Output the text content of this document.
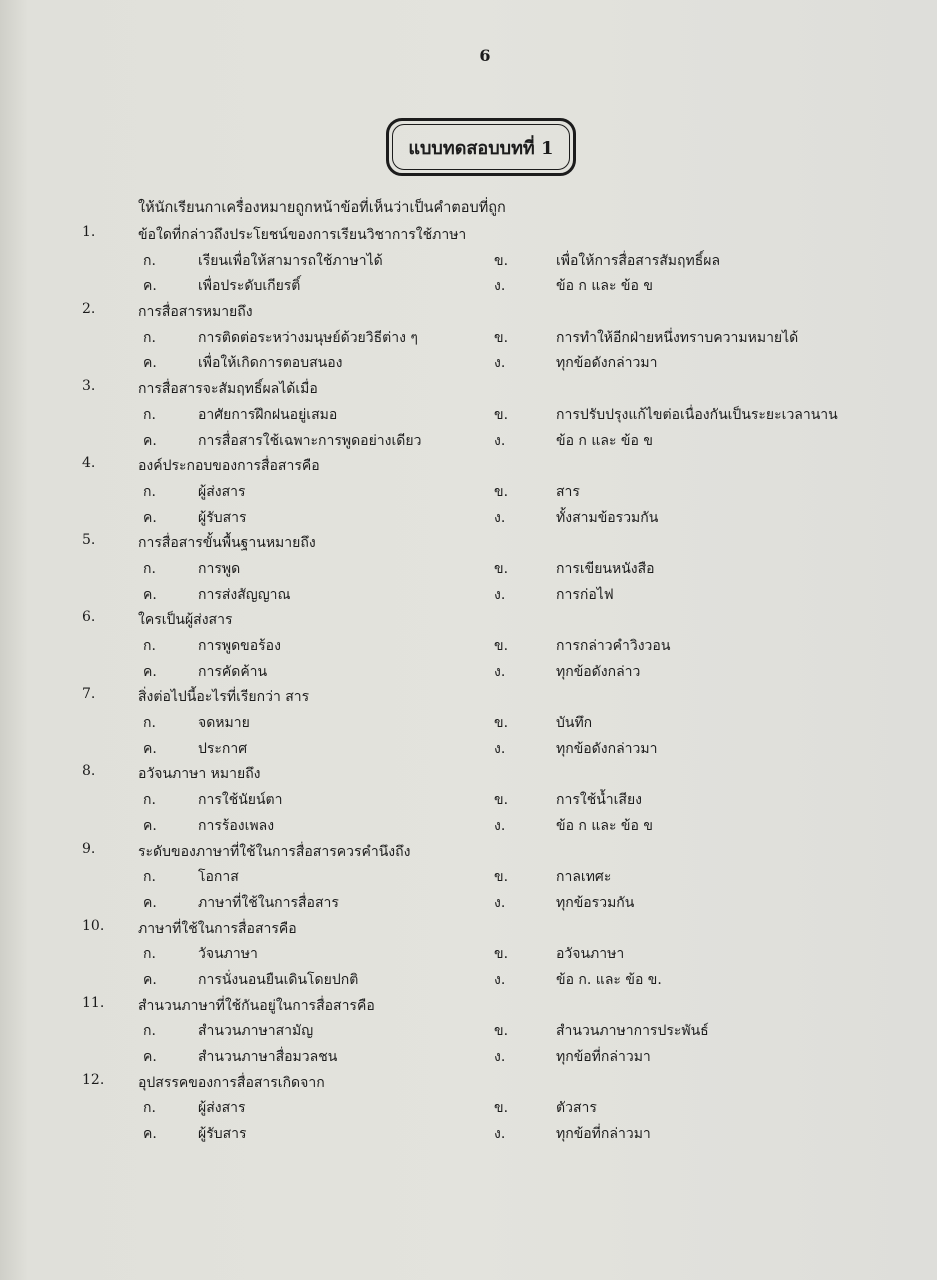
6
แบบทดสอบบทที่ 1
ให้นักเรียนกาเครื่องหมายถูกหน้าข้อที่เห็นว่าเป็นคำตอบที่ถูก
1.	ข้อใดที่กล่าวถึงประโยชน์ของการเรียนวิชาการใช้ภาษา
ก.	เรียนเพื่อให้สามารถใช้ภาษาได้	ข.	เพื่อให้การสื่อสารสัมฤทธิ์ผล
ค.	เพื่อประดับเกียรติ์	ง.	ข้อ ก และ ข้อ ข
2.	การสื่อสารหมายถึง
ก.	การติดต่อระหว่างมนุษย์ด้วยวิธีต่าง ๆ	ข.	การทำให้อีกฝ่ายหนึ่งทราบความหมายได้
ค.	เพื่อให้เกิดการตอบสนอง	ง.	ทุกข้อดังกล่าวมา
3.	การสื่อสารจะสัมฤทธิ์ผลได้เมื่อ
ก.	อาศัยการฝึกฝนอยู่เสมอ	ข.	การปรับปรุงแก้ไขต่อเนื่องกันเป็นระยะเวลานาน
ค.	การสื่อสารใช้เฉพาะการพูดอย่างเดียว	ง.	ข้อ ก และ ข้อ ข
4.	องค์ประกอบของการสื่อสารคือ
ก.	ผู้ส่งสาร	ข.	สาร
ค.	ผู้รับสาร	ง.	ทั้งสามข้อรวมกัน
5.	การสื่อสารขั้นพื้นฐานหมายถึง
ก.	การพูด	ข.	การเขียนหนังสือ
ค.	การส่งสัญญาณ	ง.	การก่อไฟ
6.	ใครเป็นผู้ส่งสาร
ก.	การพูดขอร้อง	ข.	การกล่าวคำวิงวอน
ค.	การคัดค้าน	ง.	ทุกข้อดังกล่าว
7.	สิ่งต่อไปนี้อะไรที่เรียกว่า สาร
ก.	จดหมาย	ข.	บันทึก
ค.	ประกาศ	ง.	ทุกข้อดังกล่าวมา
8.	อวัจนภาษา หมายถึง
ก.	การใช้นัยน์ตา	ข.	การใช้น้ำเสียง
ค.	การร้องเพลง	ง.	ข้อ ก และ ข้อ ข
9.	ระดับของภาษาที่ใช้ในการสื่อสารควรคำนึงถึง
ก.	โอกาส	ข.	กาลเทศะ
ค.	ภาษาที่ใช้ในการสื่อสาร	ง.	ทุกข้อรวมกัน
10. ภาษาที่ใช้ในการสื่อสารคือ
ก.	วัจนภาษา	ข.	อวัจนภาษา
ค.	การนั่งนอนยืนเดินโดยปกติ	ง.	ข้อ ก. และ ข้อ ข.
11. สำนวนภาษาที่ใช้กันอยู่ในการสื่อสารคือ
ก.	สำนวนภาษาสามัญ	ข.	สำนวนภาษาการประพันธ์
ค.	สำนวนภาษาสื่อมวลชน	ง.	ทุกข้อที่กล่าวมา
12. อุปสรรคของการสื่อสารเกิดจาก
ก.	ผู้ส่งสาร	ข.	ตัวสาร
ค.	ผู้รับสาร	ง.	ทุกข้อที่กล่าวมา
